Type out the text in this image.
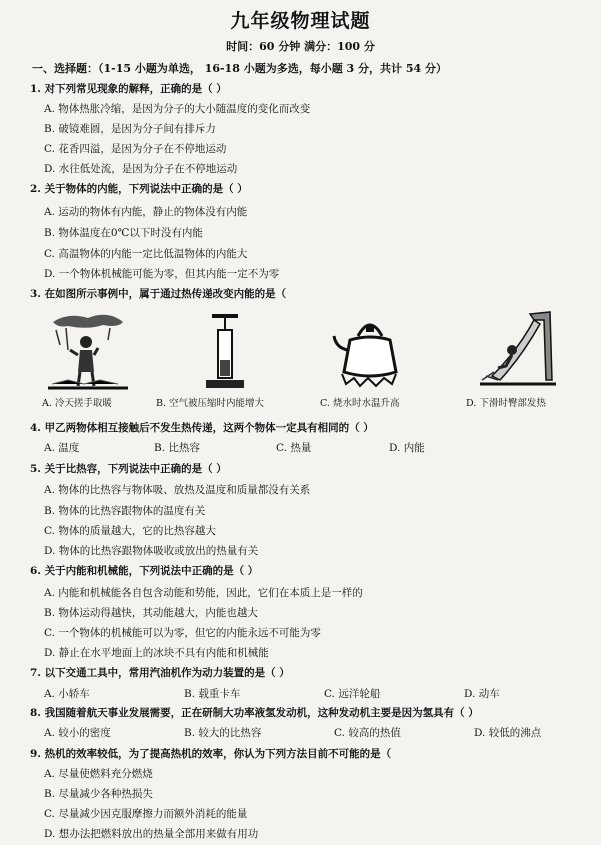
九年级物理试题
时间：60 分钟 满分：100 分
一、选择题：（1-15 小题为单选， 16-18 小题为多选，每小题 3 分，共计 54 分）
1. 对下列常见现象的解释，正确的是（ ）
A. 物体热胀冷缩，是因为分子的大小随温度的变化而改变
B. 破镜难圆，是因为分子间有排斥力
C. 花香四溢，是因为分子在不停地运动
D. 水往低处流，是因为分子在不停地运动
2. 关于物体的内能，下列说法中正确的是（ ）
A. 运动的物体有内能，静止的物体没有内能
B. 物体温度在0℃以下时没有内能
C. 高温物体的内能一定比低温物体的内能大
D. 一个物体机械能可能为零，但其内能一定不为零
3. 在如图所示事例中，属于通过热传递改变内能的是（
A. 冷天搓手取暖	B. 空气被压缩时内能增大	C. 烧水时水温升高	D. 下滑时臀部发热
4. 甲乙两物体相互接触后不发生热传递，这两个物体一定具有相同的（ ）
A. 温度	B. 比热容	C. 热量	D. 内能
5. 关于比热容，下列说法中正确的是（ ）
A. 物体的比热容与物体吸、放热及温度和质量都没有关系
B. 物体的比热容跟物体的温度有关
C. 物体的质量越大，它的比热容越大
D. 物体的比热容跟物体吸收或放出的热量有关
6. 关于内能和机械能，下列说法中正确的是（ ）
A. 内能和机械能各自包含动能和势能，因此，它们在本质上是一样的
B. 物体运动得越快，其动能越大，内能也越大
C. 一个物体的机械能可以为零，但它的内能永远不可能为零
D. 静止在水平地面上的冰块不具有内能和机械能
7. 以下交通工具中，常用汽油机作为动力装置的是（ ）
A. 小轿车	B. 载重卡车	C. 远洋轮船	D. 动车
8. 我国随着航天事业发展需要，正在研制大功率液氢发动机，这种发动机主要是因为氢具有（ ）
A. 较小的密度	B. 较大的比热容	C. 较高的热值	D. 较低的沸点
9. 热机的效率较低，为了提高热机的效率，你认为下列方法目前不可能的是（
A. 尽量使燃料充分燃烧
B. 尽量减少各种热损失
C. 尽量减少因克服摩擦力而额外消耗的能量
D. 想办法把燃料放出的热量全部用来做有用功
